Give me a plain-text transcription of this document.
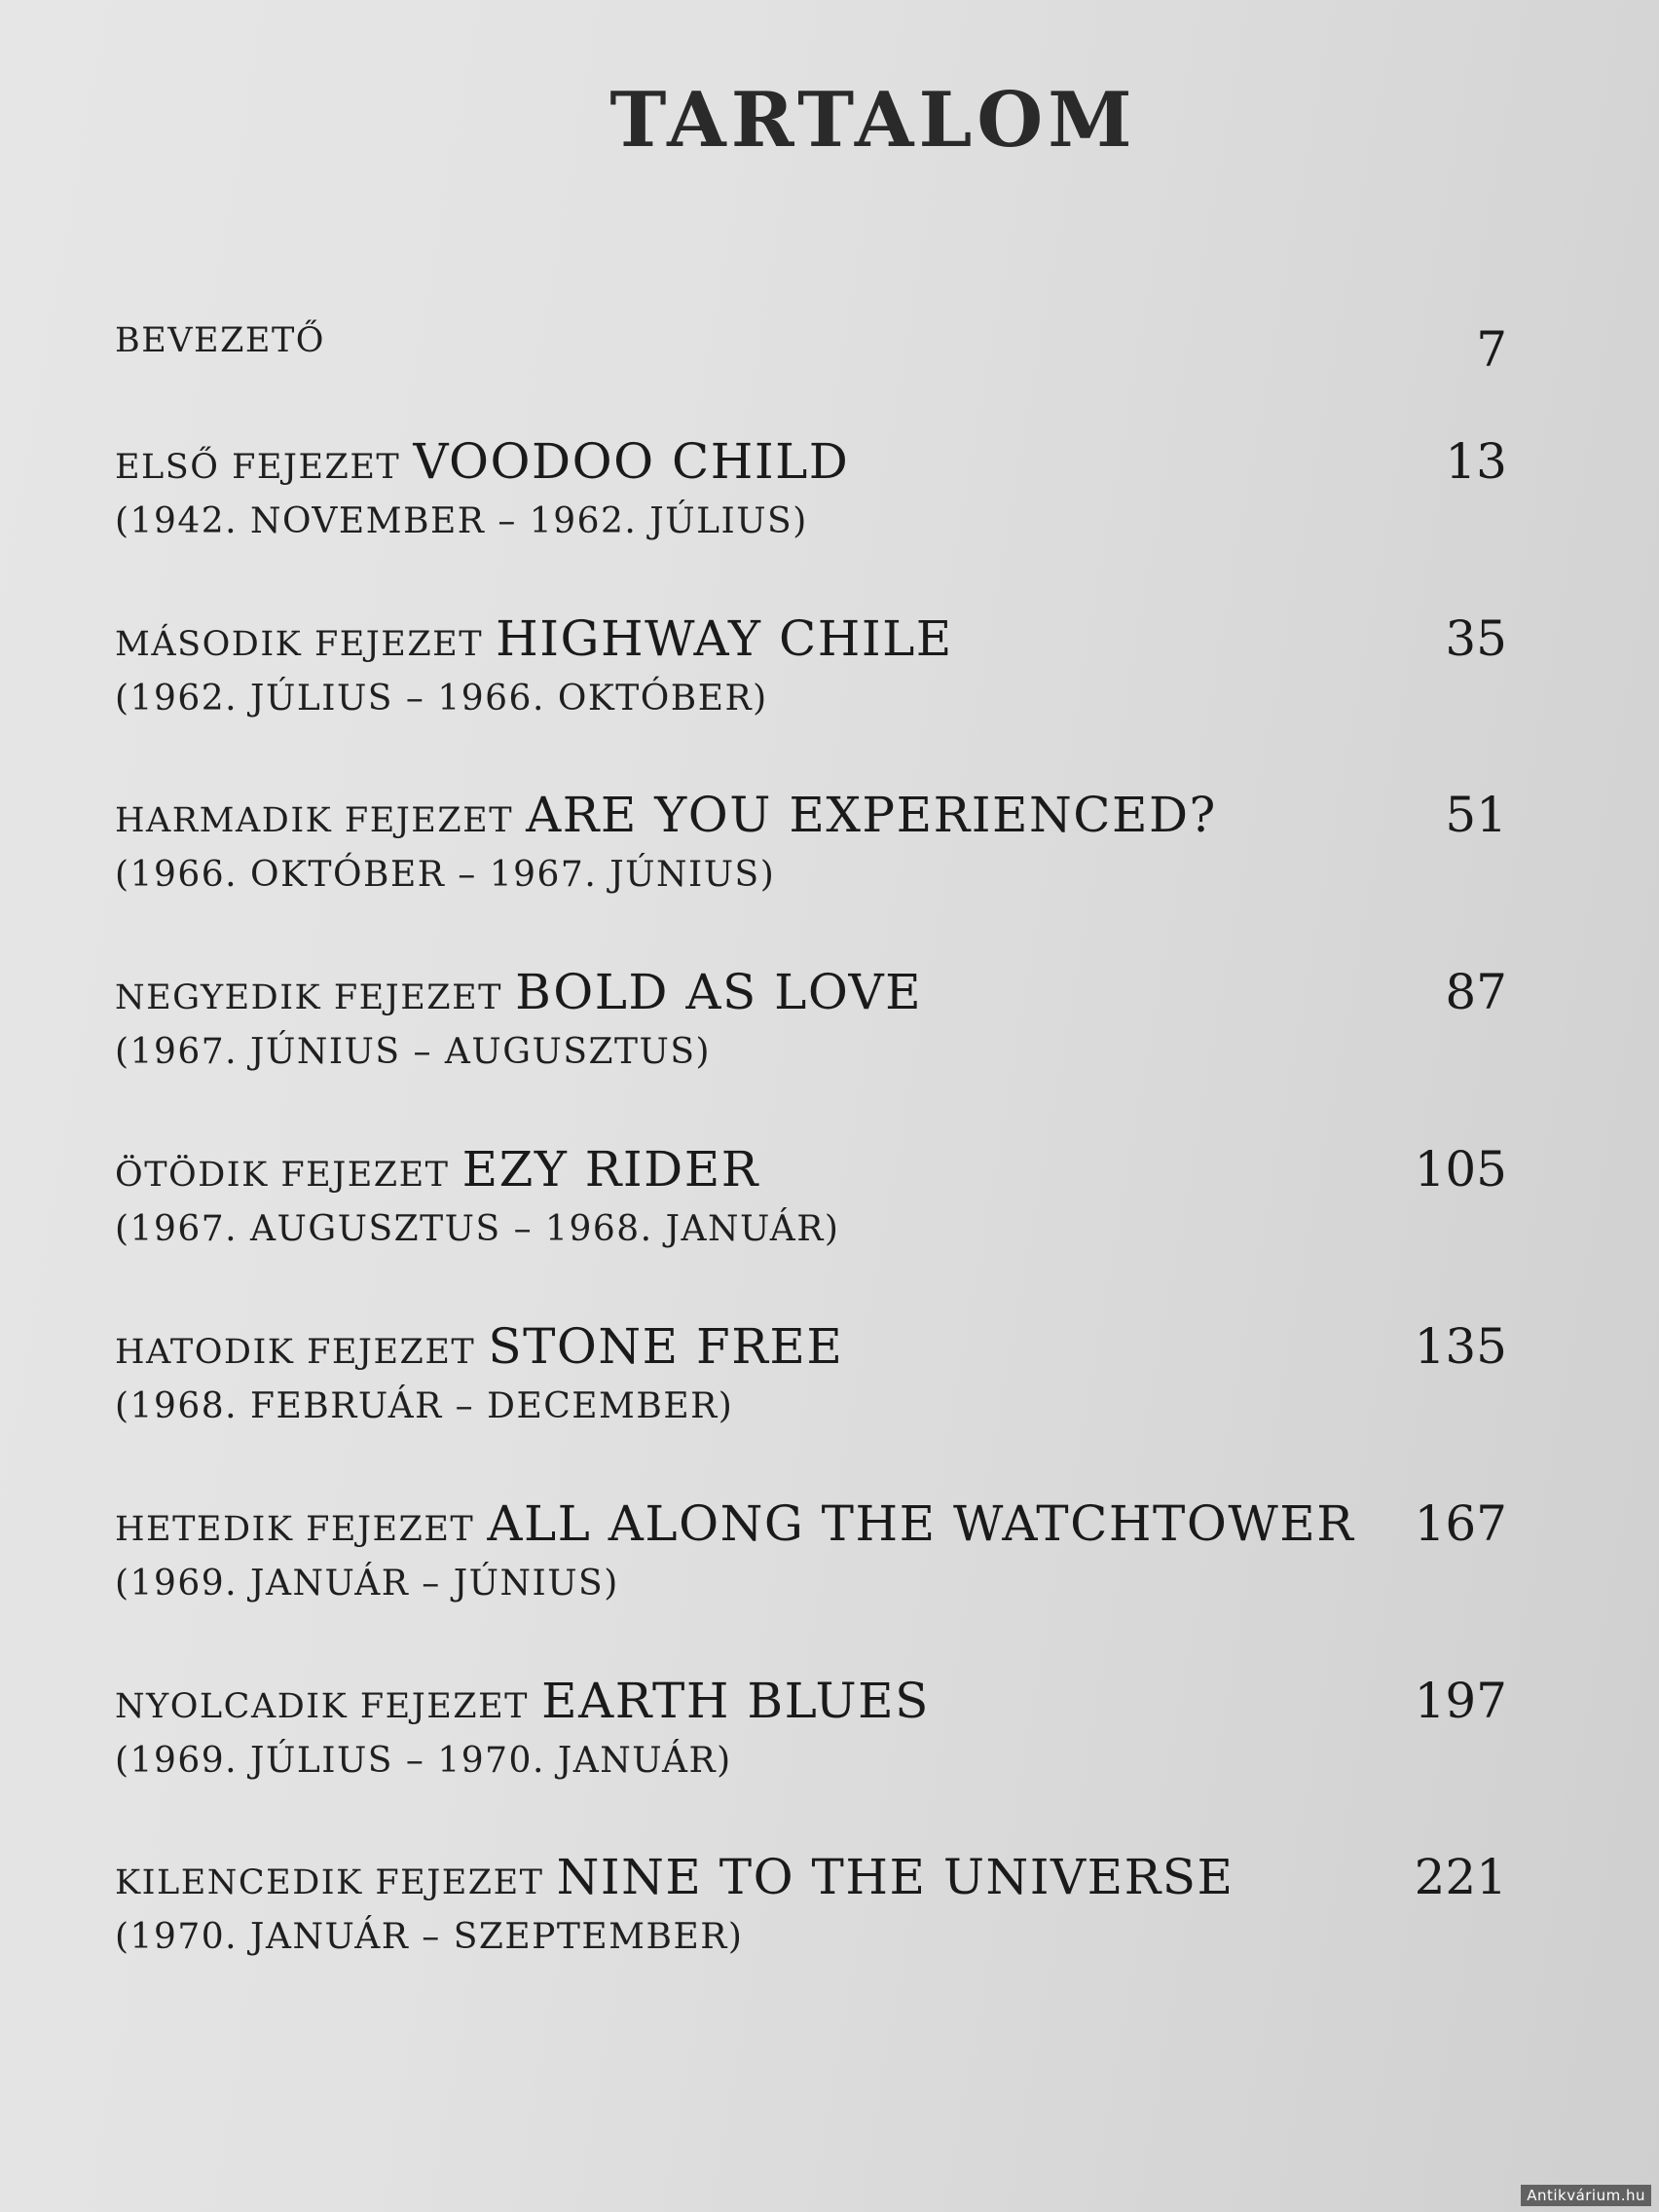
TARTALOM
BEVEZETŐ	7
ELSŐ FEJEZET VOODOO CHILD	13
(1942. NOVEMBER – 1962. JÚLIUS)
MÁSODIK FEJEZET HIGHWAY CHILE	35
(1962. JÚLIUS – 1966. OKTÓBER)
HARMADIK FEJEZET ARE YOU EXPERIENCED?	51
(1966. OKTÓBER – 1967. JÚNIUS)
NEGYEDIK FEJEZET BOLD AS LOVE	87
(1967. JÚNIUS – AUGUSZTUS)
ÖTÖDIK FEJEZET EZY RIDER	105
(1967. AUGUSZTUS – 1968. JANUÁR)
HATODIK FEJEZET STONE FREE	135
(1968. FEBRUÁR – DECEMBER)
HETEDIK FEJEZET ALL ALONG THE WATCHTOWER 167
(1969. JANUÁR – JÚNIUS)
NYOLCADIK FEJEZET EARTH BLUES	197
(1969. JÚLIUS – 1970. JANUÁR)
KILENCEDIK FEJEZET NINE TO THE UNIVERSE	221
(1970. JANUÁR – SZEPTEMBER)
Antikvárium.hu
